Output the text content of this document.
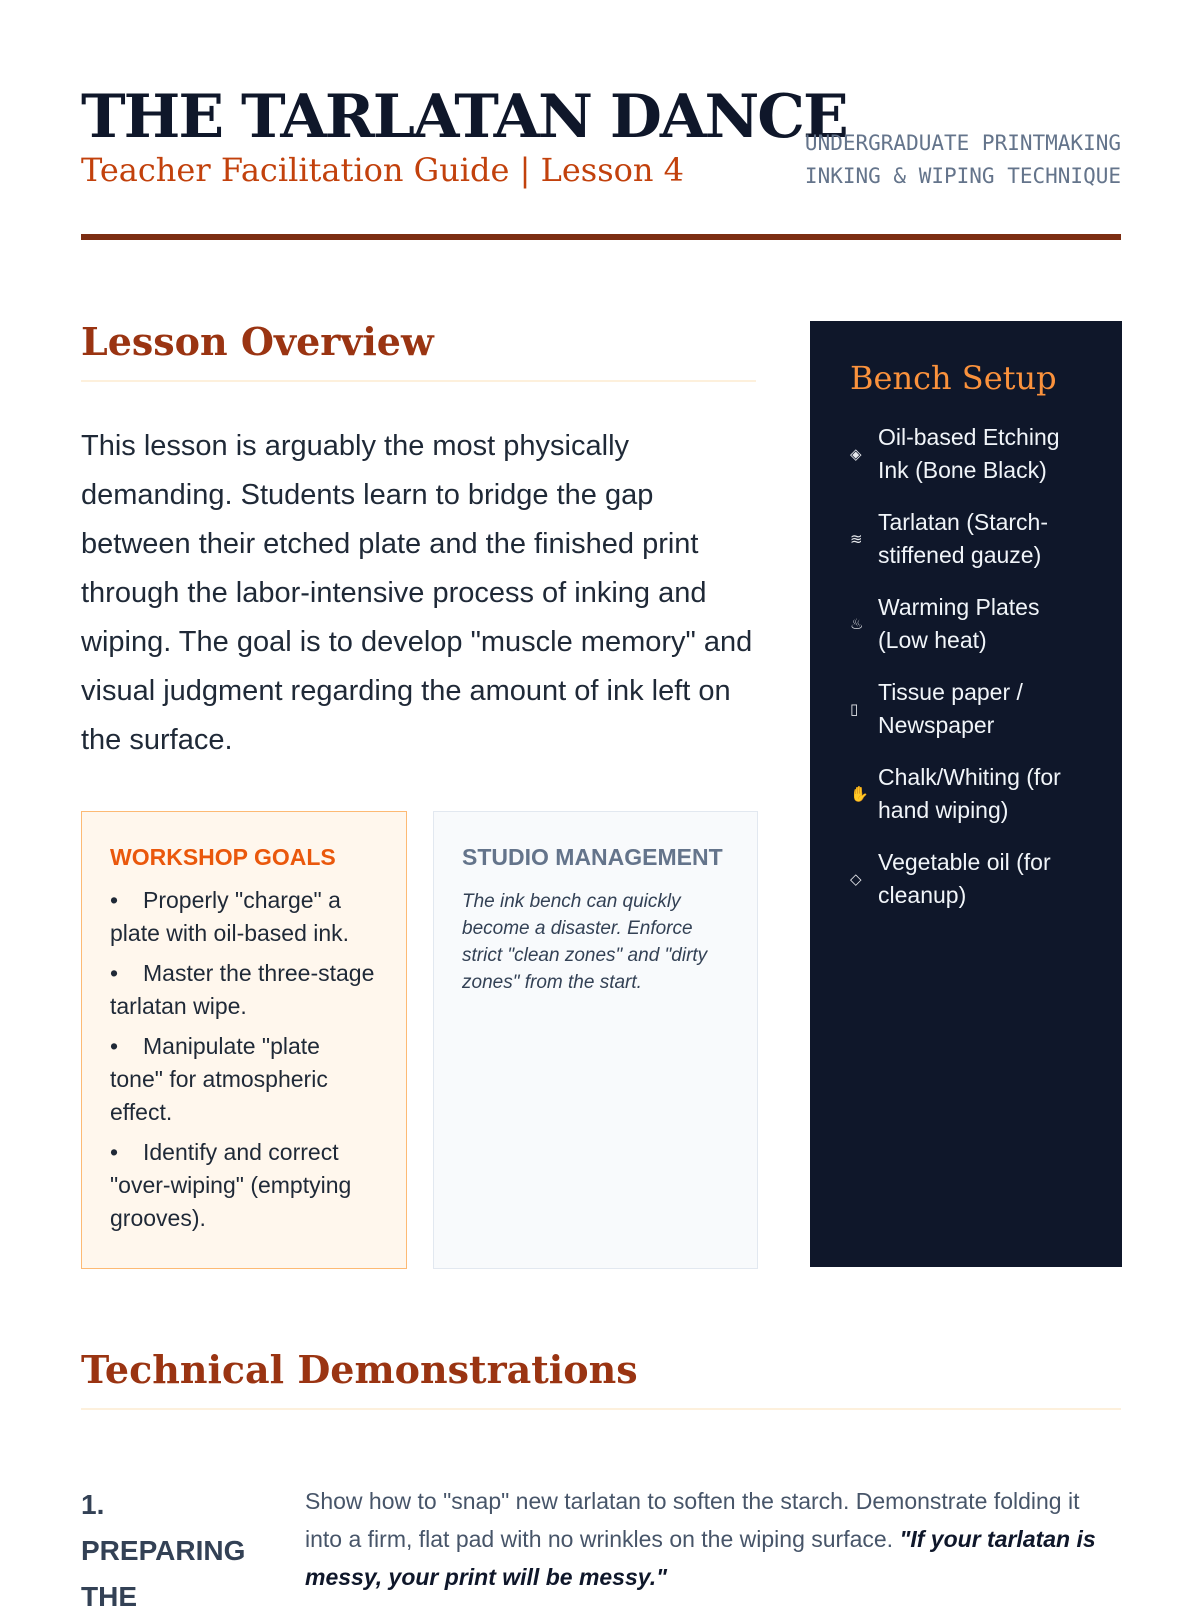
THE TARLATAN DANCE
Teacher Facilitation Guide | Lesson 4
UNDERGRADUATE PRINTMAKING
INKING & WIPING TECHNIQUE
Lesson Overview
This lesson is arguably the most physically demanding. Students learn to bridge the gap between their etched plate and the finished print through the labor-intensive process of inking and wiping. The goal is to develop "muscle memory" and visual judgment regarding the amount of ink left on the surface.
WORKSHOP GOALS
• Properly "charge" a plate with oil-based ink.
• Master the three-stage tarlatan wipe.
• Manipulate "plate tone" for atmospheric effect.
• Identify and correct "over-wiping" (emptying grooves).
STUDIO MANAGEMENT
The ink bench can quickly become a disaster. Enforce strict "clean zones" and "dirty zones" from the start.
Bench Setup
◈
Oil-based Etching Ink (Bone Black)
≋
Tarlatan (Starch-stiffened gauze)
♨
Warming Plates (Low heat)
▯
Tissue paper / Newspaper
✋
Chalk/Whiting (for hand wiping)
◇
Vegetable oil (for cleanup)
Technical Demonstrations
1. PREPARING THE
Show how to "snap" new tarlatan to soften the starch. Demonstrate folding it into a firm, flat pad with no wrinkles on the wiping surface. "If your tarlatan is messy, your print will be messy."
